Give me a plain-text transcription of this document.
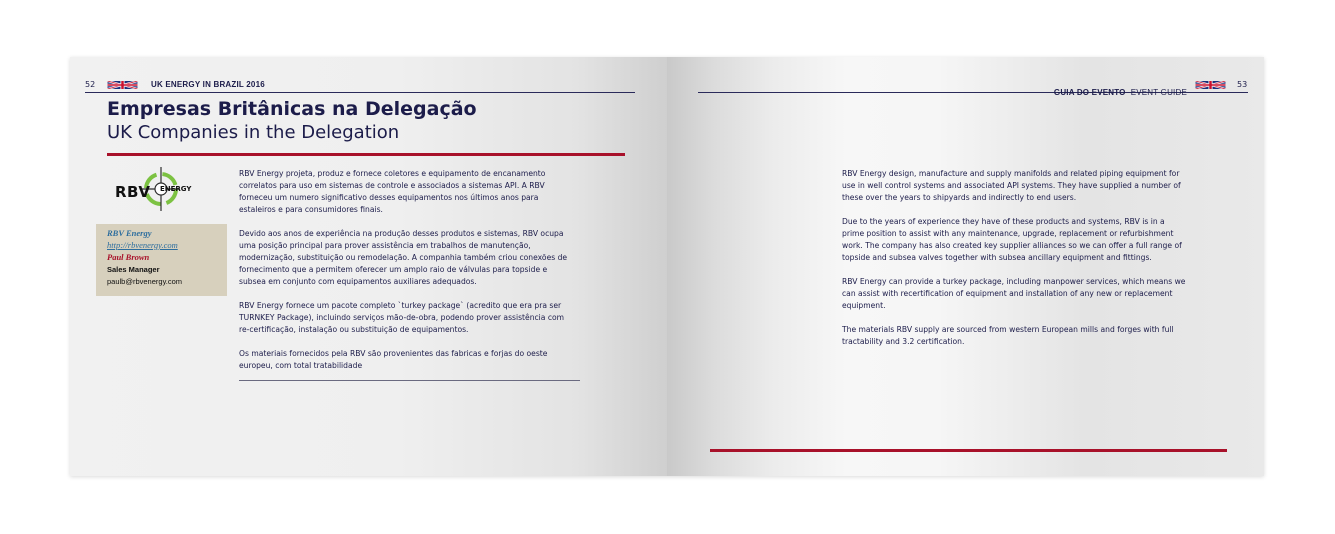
52	UK ENERGY IN BRAZIL 2016
Empresas Britânicas na Delegação
UK Companies in the Delegation
RBV ENERGY
RBV Energy
http://rbvenergy.com
Paul Brown
Sales Manager
paulb@rbvenergy.com

RBV Energy projeta, produz e fornece coletores e equipamento de encanamento correlatos para uso em sistemas de controle e associados a sistemas API. A RBV forneceu um numero significativo desses equipamentos nos últimos anos para estaleiros e para consumidores finais.

Devido aos anos de experiência na produção desses produtos e sistemas, RBV ocupa uma posição principal para prover assistência em trabalhos de manutenção, modernização, substituição ou remodelação. A companhia também criou conexões de fornecimento que a permitem oferecer um amplo raio de válvulas para topside e subsea em conjunto com equipamentos auxiliares adequados.

RBV Energy fornece um pacote completo `turkey package` (acredito que era pra ser TURNKEY Package), incluindo serviços mão-de-obra, podendo prover assistência com re-certificação, instalação ou substituição de equipamentos.

Os materiais fornecidos pela RBV são provenientes das fabricas e forjas do oeste europeu, com total tratabilidade

GUIA DO EVENTO EVENT GUIDE
53

RBV Energy design, manufacture and supply manifolds and related piping equipment for use in well control systems and associated API systems. They have supplied a number of these over the years to shipyards and indirectly to end users.

Due to the years of experience they have of these products and systems, RBV is in a prime position to assist with any maintenance, upgrade, replacement or refurbishment work. The company has also created key supplier alliances so we can offer a full range of topside and subsea valves together with subsea ancillary equipment and fittings.

RBV Energy can provide a turkey package, including manpower services, which means we can assist with recertification of equipment and installation of any new or replacement equipment.

The materials RBV supply are sourced from western European mills and forges with full tractability and 3.2 certification.
